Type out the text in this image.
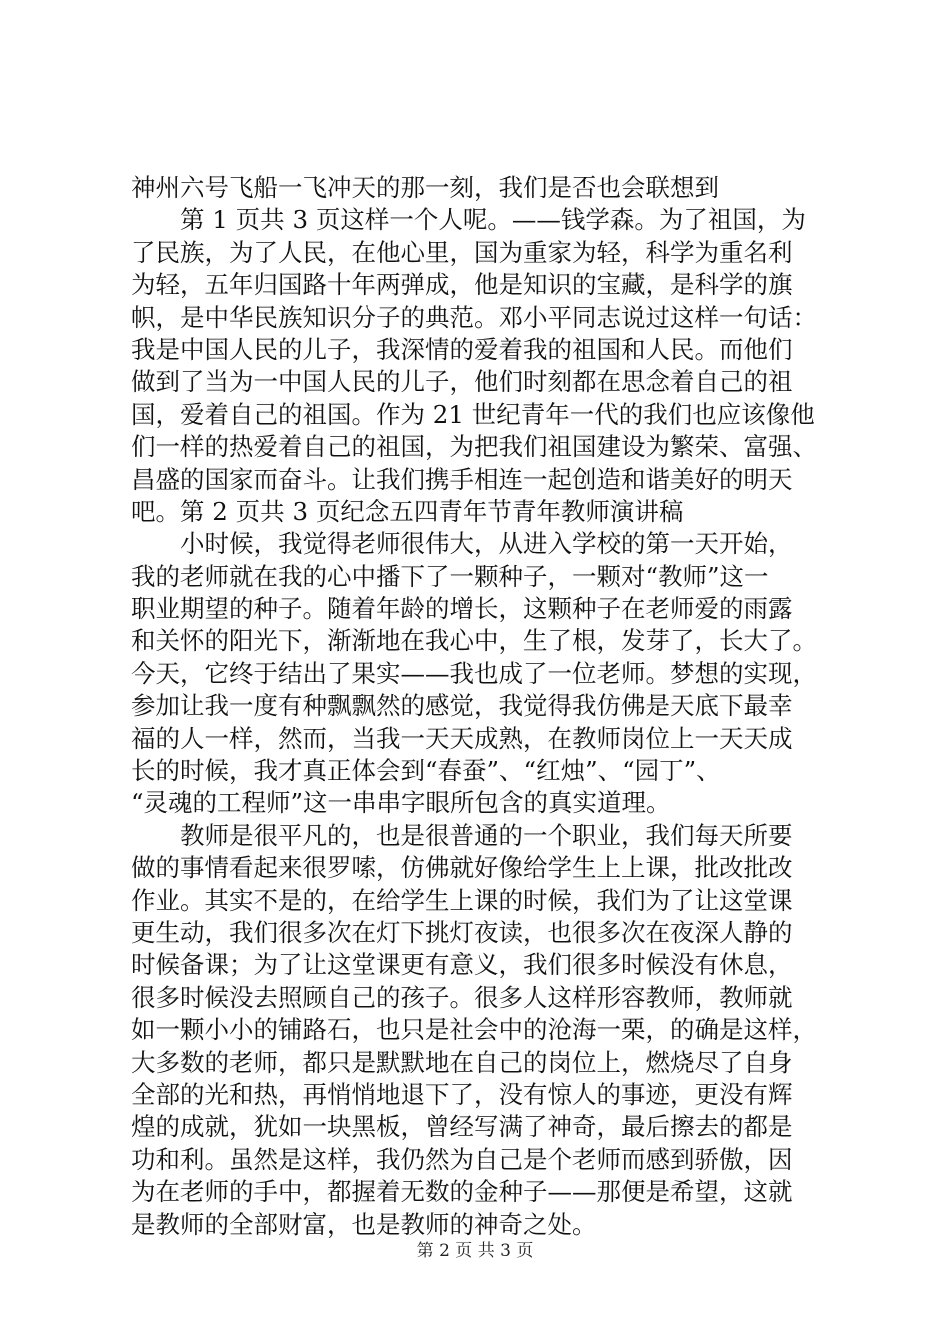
神州六号飞船一飞冲天的那一刻，我们是否也会联想到
第 1 页共 3 页这样一个人呢。——钱学森。为了祖国，为
了民族，为了人民，在他心里，国为重家为轻，科学为重名利
为轻，五年归国路十年两弹成，他是知识的宝藏，是科学的旗
帜，是中华民族知识分子的典范。邓小平同志说过这样一句话：
我是中国人民的儿子，我深情的爱着我的祖国和人民。而他们
做到了当为一中国人民的儿子，他们时刻都在思念着自己的祖
国，爱着自己的祖国。作为 21 世纪青年一代的我们也应该像他
们一样的热爱着自己的祖国，为把我们祖国建设为繁荣、富强、
昌盛的国家而奋斗。让我们携手相连一起创造和谐美好的明天
吧。第 2 页共 3 页纪念五四青年节青年教师演讲稿
小时候，我觉得老师很伟大，从进入学校的第一天开始，
我的老师就在我的心中播下了一颗种子，一颗对“教师”这一
职业期望的种子。随着年龄的增长，这颗种子在老师爱的雨露
和关怀的阳光下，渐渐地在我心中，生了根，发芽了，长大了。
今天，它终于结出了果实——我也成了一位老师。梦想的实现，
参加让我一度有种飘飘然的感觉，我觉得我仿佛是天底下最幸
福的人一样，然而，当我一天天成熟，在教师岗位上一天天成
长的时候，我才真正体会到“春蚕”、“红烛”、“园丁”、
“灵魂的工程师”这一串串字眼所包含的真实道理。
教师是很平凡的，也是很普通的一个职业，我们每天所要
做的事情看起来很罗嗦，仿佛就好像给学生上上课，批改批改
作业。其实不是的，在给学生上课的时候，我们为了让这堂课
更生动，我们很多次在灯下挑灯夜读，也很多次在夜深人静的
时候备课；为了让这堂课更有意义，我们很多时候没有休息，
很多时候没去照顾自己的孩子。很多人这样形容教师，教师就
如一颗小小的铺路石，也只是社会中的沧海一栗，的确是这样，
大多数的老师，都只是默默地在自己的岗位上，燃烧尽了自身
全部的光和热，再悄悄地退下了，没有惊人的事迹，更没有辉
煌的成就，犹如一块黑板，曾经写满了神奇，最后擦去的都是
功和利。虽然是这样，我仍然为自己是个老师而感到骄傲，因
为在老师的手中，都握着无数的金种子——那便是希望，这就
是教师的全部财富，也是教师的神奇之处。
第 2 页 共 3 页
